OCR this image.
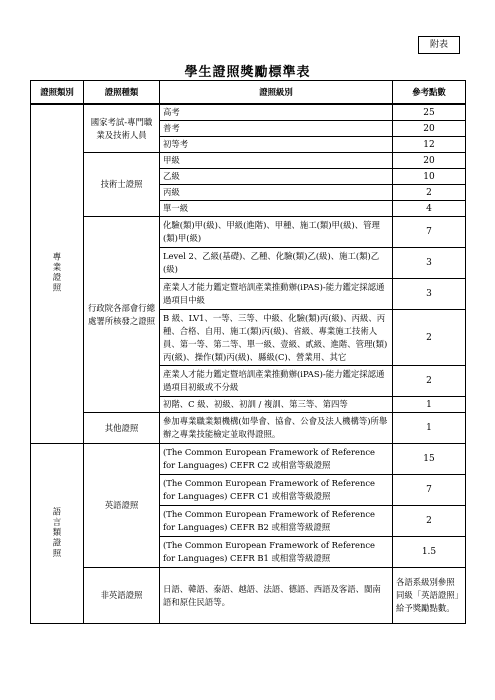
附表
學生證照獎勵標準表
證照類別	證照種類	證照級別	參考點數
專業證照	國家考試-專門職業及技術人員	高考	25
		普考	20
		初等考	12
	技術士證照	甲級	20
		乙級	10
		丙級	2
		單一級	4
	行政院各部會行總處署所核發之證照	化驗(類)甲(級)、甲級(進階)、甲種、施工(類)甲(級)、管理(類)甲(級)	7
		Level 2、乙級(基礎)、乙種、化驗(類)乙(級)、施工(類)乙(級)	3
		產業人才能力鑑定暨培訓產業推動辦(iPAS)-能力鑑定採認通過項目中級	3
		B 級、LV1、一等、三等、中級、化驗(類)丙(級)、丙級、丙種、合格、自用、施工(類)丙(級)、省級、專業施工技術人員、第一等、第二等、單一級、壹級、貳級、進階、管理(類)丙(級)、操作(類)丙(級)、縣級(C)、營業用、其它	2
		產業人才能力鑑定暨培訓產業推動辦(iPAS)-能力鑑定採認通過項目初級或不分級	2
		初階、C 級、初級、初訓 / 複訓、第三等、第四等	1
	其他證照	參加專業職業類機構(如學會、協會、公會及法人機構等)所舉辦之專業技能檢定並取得證照。	1
語言類證照	英語證照	(The Common European Framework of Reference for Languages) CEFR C2 或相當等級證照	15
		(The Common European Framework of Reference for Languages) CEFR C1 或相當等級證照	7
		(The Common European Framework of Reference for Languages) CEFR B2 或相當等級證照	2
		(The Common European Framework of Reference for Languages) CEFR B1 或相當等級證照	1.5
	非英語證照	日語、韓語、泰語、越語、法語、德語、西語及客語、閩南語和原住民語等。	各語系級別參照同級「英語證照」給予獎勵點數。
